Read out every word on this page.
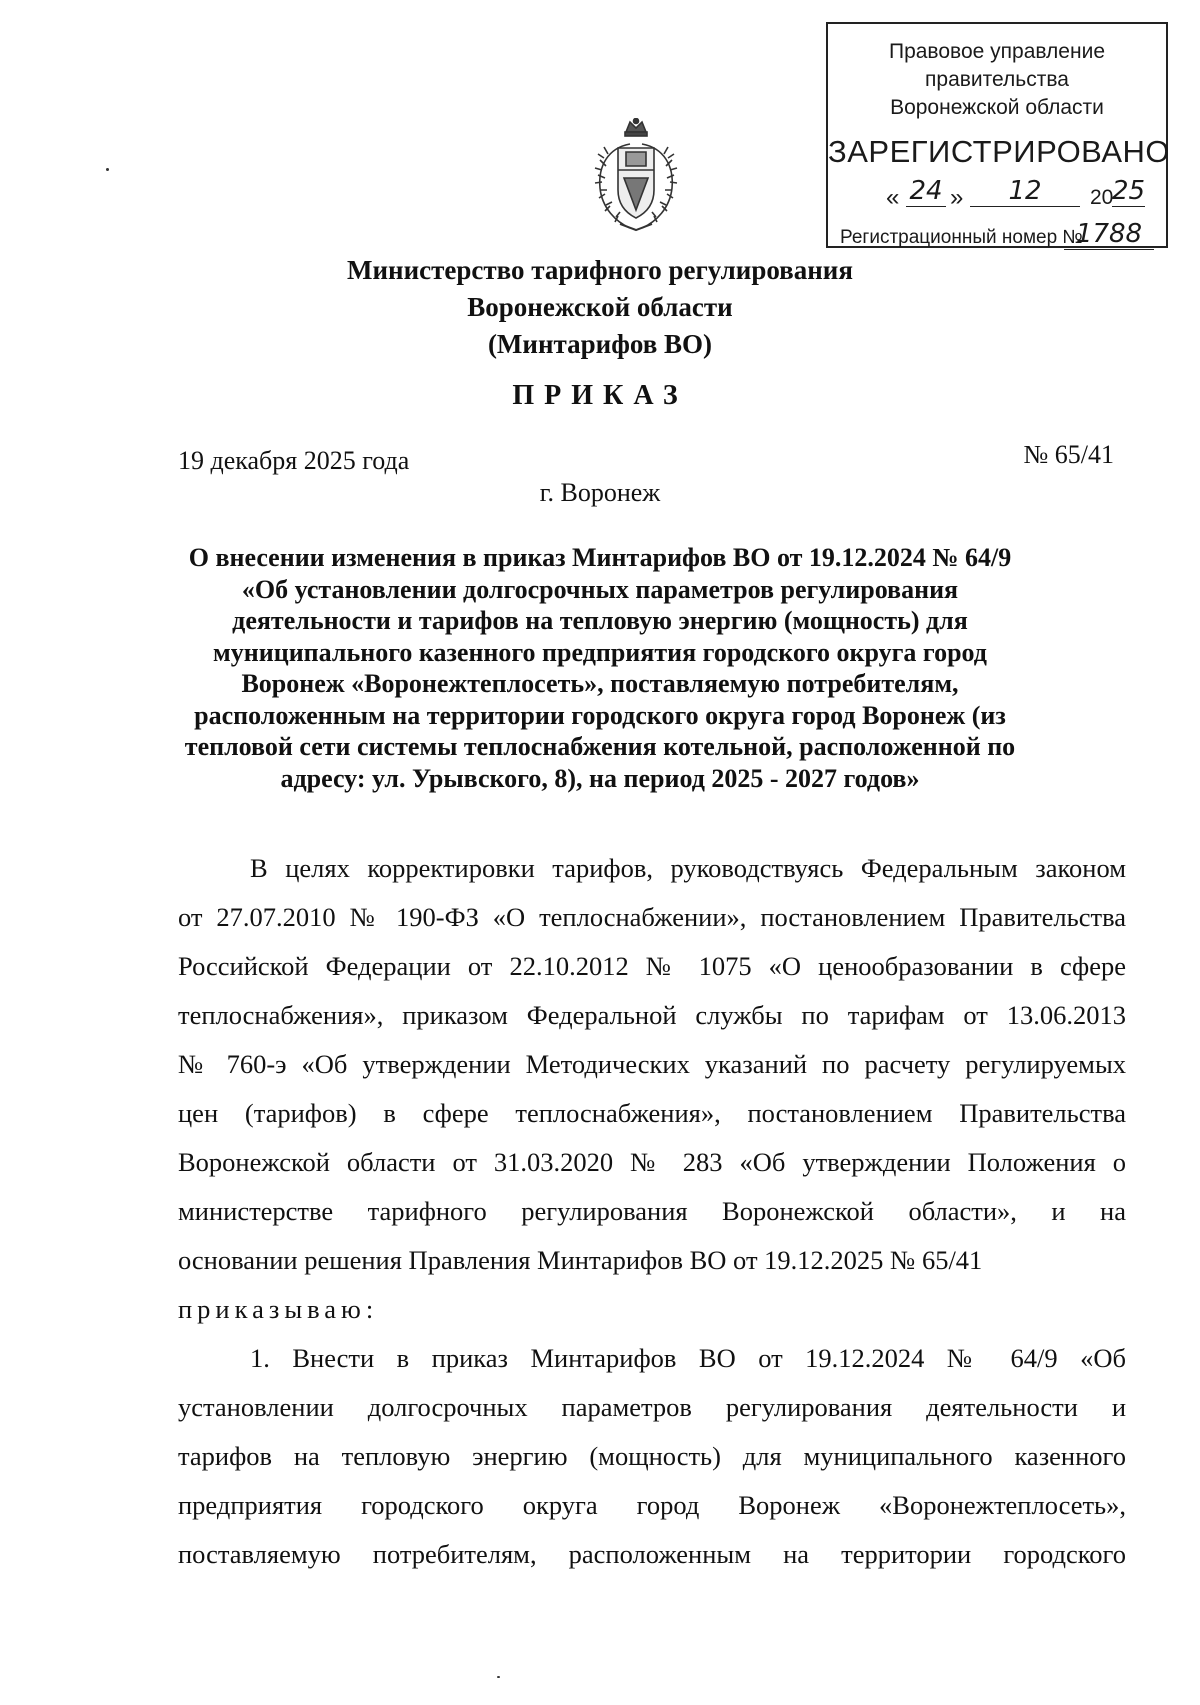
Правовое управление правительства
Воронежской области
ЗАРЕГИСТРИРОВАНО
« 24 »	12	20
25
Регистрационный номер №
1788
Министерство тарифного регулирования
Воронежской области
(Минтарифов ВО)
ПРИКАЗ
19 декабря 2025 года	№ 65/41
г. Воронеж
О внесении изменения в приказ Минтарифов ВО от 19.12.2024 № 64/9
«Об установлении долгосрочных параметров регулирования
деятельности и тарифов на тепловую энергию (мощность) для
муниципального казенного предприятия городского округа город
Воронеж «Воронежтеплосеть», поставляемую потребителям,
расположенным на территории городского округа город Воронеж (из
тепловой сети системы теплоснабжения котельной, расположенной по
адресу: ул. Урывского, 8), на период 2025 - 2027 годов»
В целях корректировки тарифов, руководствуясь Федеральным законом
от 27.07.2010 № 190-ФЗ «О теплоснабжении», постановлением Правительства
Российской Федерации от 22.10.2012 № 1075 «О ценообразовании в сфере
теплоснабжения», приказом Федеральной службы по тарифам от 13.06.2013
№ 760-э «Об утверждении Методических указаний по расчету регулируемых
цен (тарифов) в сфере теплоснабжения», постановлением Правительства
Воронежской области от 31.03.2020 № 283 «Об утверждении Положения о
министерстве тарифного регулирования Воронежской области», и на
основании решения Правления Минтарифов ВО от 19.12.2025 № 65/41
приказываю:
1. Внести в приказ Минтарифов ВО от 19.12.2024 № 64/9 «Об
установлении долгосрочных параметров регулирования деятельности и
тарифов на тепловую энергию (мощность) для муниципального казенного
предприятия городского округа город Воронеж «Воронежтеплосеть»,
поставляемую потребителям, расположенным на территории городского
